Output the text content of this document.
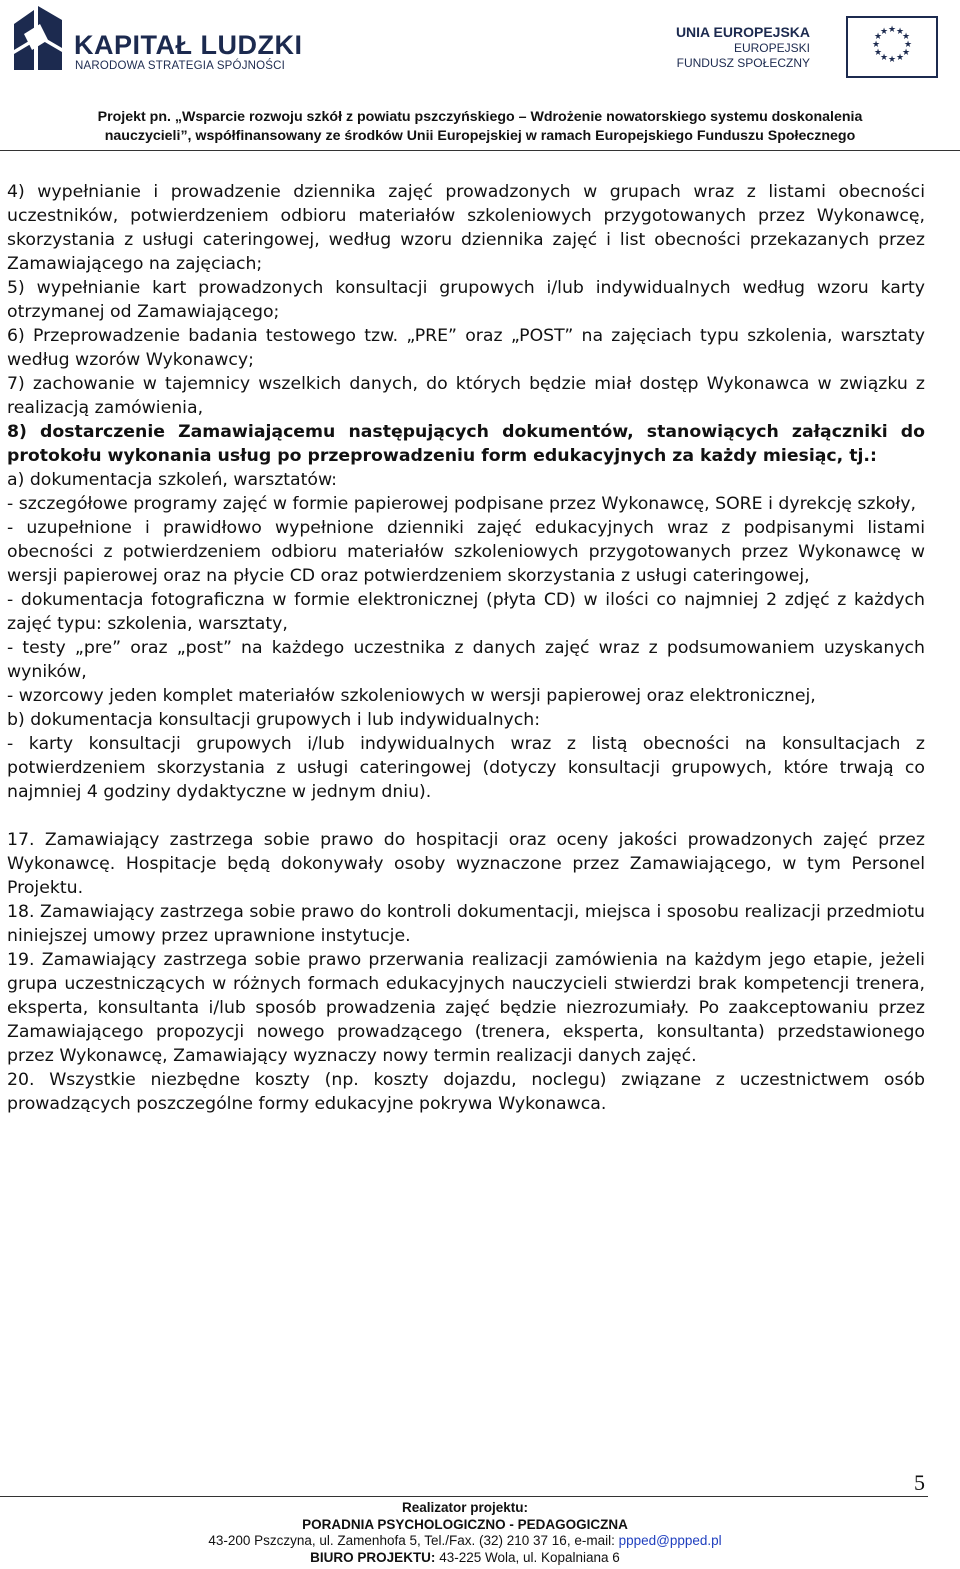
KAPITAŁ LUDZKI
NARODOWA STRATEGIA SPÓJNOŚCI
UNIA EUROPEJSKA
EUROPEJSKI
FUNDUSZ SPOŁECZNY
★ ★
★
★
★
★
★
★
★
★
★
★
Projekt pn. „Wsparcie rozwoju szkół z powiatu pszczyńskiego – Wdrożenie nowatorskiego systemu doskonalenia
nauczycieli”, współfinansowany ze środków Unii Europejskiej w ramach Europejskiego Funduszu Społecznego

4) wypełnianie i prowadzenie dziennika zajęć prowadzonych w grupach wraz z listami obecności uczestników, potwierdzeniem odbioru materiałów szkoleniowych przygotowanych przez Wykonawcę, skorzystania z usługi cateringowej, według wzoru dziennika zajęć i list obecności przekazanych przez Zamawiającego na zajęciach;

5) wypełnianie kart prowadzonych konsultacji grupowych i/lub indywidualnych według wzoru karty otrzymanej od Zamawiającego;

6) Przeprowadzenie badania testowego tzw. „PRE” oraz „POST” na zajęciach typu szkolenia, warsztaty według wzorów Wykonawcy;

7) zachowanie w tajemnicy wszelkich danych, do których będzie miał dostęp Wykonawca w związku z realizacją zamówienia,

8) dostarczenie Zamawiającemu następujących dokumentów, stanowiących załączniki do protokołu wykonania usług po przeprowadzeniu form edukacyjnych za każdy miesiąc, tj.:

a) dokumentacja szkoleń, warsztatów:

- szczegółowe programy zajęć w formie papierowej podpisane przez Wykonawcę, SORE i dyrekcję szkoły,

- uzupełnione i prawidłowo wypełnione dzienniki zajęć edukacyjnych wraz z podpisanymi listami obecności z potwierdzeniem odbioru materiałów szkoleniowych przygotowanych przez Wykonawcę w wersji papierowej oraz na płycie CD oraz potwierdzeniem skorzystania z usługi cateringowej,

- dokumentacja fotograficzna w formie elektronicznej (płyta CD) w ilości co najmniej 2 zdjęć z każdych zajęć typu: szkolenia, warsztaty,

- testy „pre” oraz „post” na każdego uczestnika z danych zajęć wraz z podsumowaniem uzyskanych wyników,

- wzorcowy jeden komplet materiałów szkoleniowych w wersji papierowej oraz elektronicznej,

b) dokumentacja konsultacji grupowych i lub indywidualnych:

- karty konsultacji grupowych i/lub indywidualnych wraz z listą obecności na konsultacjach z potwierdzeniem skorzystania z usługi cateringowej (dotyczy konsultacji grupowych, które trwają co najmniej 4 godziny dydaktyczne w jednym dniu).

17. Zamawiający zastrzega sobie prawo do hospitacji oraz oceny jakości prowadzonych zajęć przez Wykonawcę. Hospitacje będą dokonywały osoby wyznaczone przez Zamawiającego, w tym Personel Projektu.

18. Zamawiający zastrzega sobie prawo do kontroli dokumentacji, miejsca i sposobu realizacji przedmiotu niniejszej umowy przez uprawnione instytucje.

19. Zamawiający zastrzega sobie prawo przerwania realizacji zamówienia na każdym jego etapie, jeżeli grupa uczestniczących w różnych formach edukacyjnych nauczycieli stwierdzi brak kompetencji trenera, eksperta, konsultanta i/lub sposób prowadzenia zajęć będzie niezrozumiały. Po zaakceptowaniu przez Zamawiającego propozycji nowego prowadzącego (trenera, eksperta, konsultanta) przedstawionego przez Wykonawcę, Zamawiający wyznaczy nowy termin realizacji danych zajęć.

20. Wszystkie niezbędne koszty (np. koszty dojazdu, noclegu) związane z uczestnictwem osób prowadzących poszczególne formy edukacyjne pokrywa Wykonawca.

5
Realizator projektu:
PORADNIA PSYCHOLOGICZNO - PEDAGOGICZNA
43-200 Pszczyna, ul. Zamenhofa 5, Tel./Fax. (32) 210 37 16, e-mail: ppped@ppped.pl
BIURO PROJEKTU: 43-225 Wola, ul. Kopalniana 6
